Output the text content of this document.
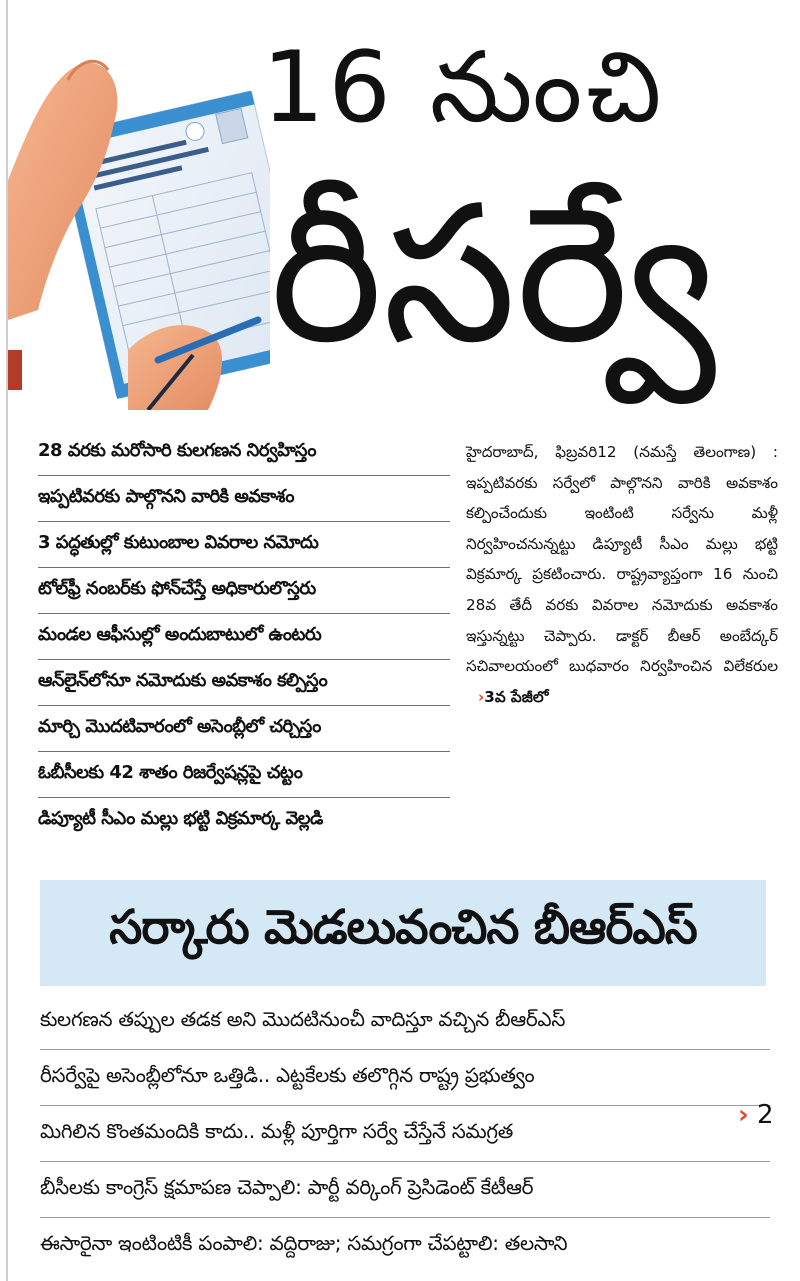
16 నుంచి
రీసర్వే
28 వరకు మరోసారి కులగణన నిర్వహిస్తం
ఇప్పటివరకు పాల్గొనని వారికి అవకాశం
3 పద్ధతుల్లో కుటుంబాల వివరాల నమోదు
టోల్‌ఫ్రీ నంబర్‌కు ఫోన్‌చేస్తే అధికారులొస్తరు
మండల ఆఫీసుల్లో అందుబాటులో ఉంటరు
ఆన్‌లైన్‌లోనూ నమోదుకు అవకాశం కల్పిస్తం
మార్చి మొదటివారంలో అసెంబ్లీలో చర్చిస్తం
ఓబీసీలకు 42 శాతం రిజర్వేషన్లపై చట్టం
డిప్యూటీ సీఎం మల్లు భట్టి విక్రమార్క వెల్లడి
హైదరాబాద్, ఫిబ్రవరి12 (నమస్తే తెలంగాణ) : ఇప్పటివరకు సర్వేలో పాల్గొనని వారికి అవకాశం కల్పించేందుకు ఇంటింటి సర్వేను మళ్లీ నిర్వహించనున్నట్టు డిప్యూటీ సీఎం మల్లు భట్టి విక్రమార్క ప్రకటించారు. రాష్ట్రవ్యాప్తంగా 16 నుంచి 28వ తేదీ వరకు వివరాల నమోదుకు అవకాశం ఇస్తున్నట్టు చెప్పారు. డాక్టర్ బీఆర్ అంబేద్కర్ సచివాలయంలో బుధవారం నిర్వహించిన విలేకరుల ›3వ పేజీలో
సర్కారు మెడలువంచిన బీఆర్ఎస్
కులగణన తప్పుల తడక అని మొదటినుంచీ వాదిస్తూ వచ్చిన బీఆర్ఎస్
రీసర్వేపై అసెంబ్లీలోనూ ఒత్తిడి.. ఎట్టకేలకు తలొగ్గిన రాష్ట్ర ప్రభుత్వం
మిగిలిన కొంతమందికి కాదు.. మళ్లీ పూర్తిగా సర్వే చేస్తేనే సమగ్రత
బీసీలకు కాంగ్రెస్ క్షమాపణ చెప్పాలి: పార్టీ వర్కింగ్ ప్రెసిడెంట్ కేటీఆర్
ఈసారైనా ఇంటింటికీ పంపాలి: వద్దిరాజు; సమగ్రంగా చేపట్టాలి: తలసాని
› 2
